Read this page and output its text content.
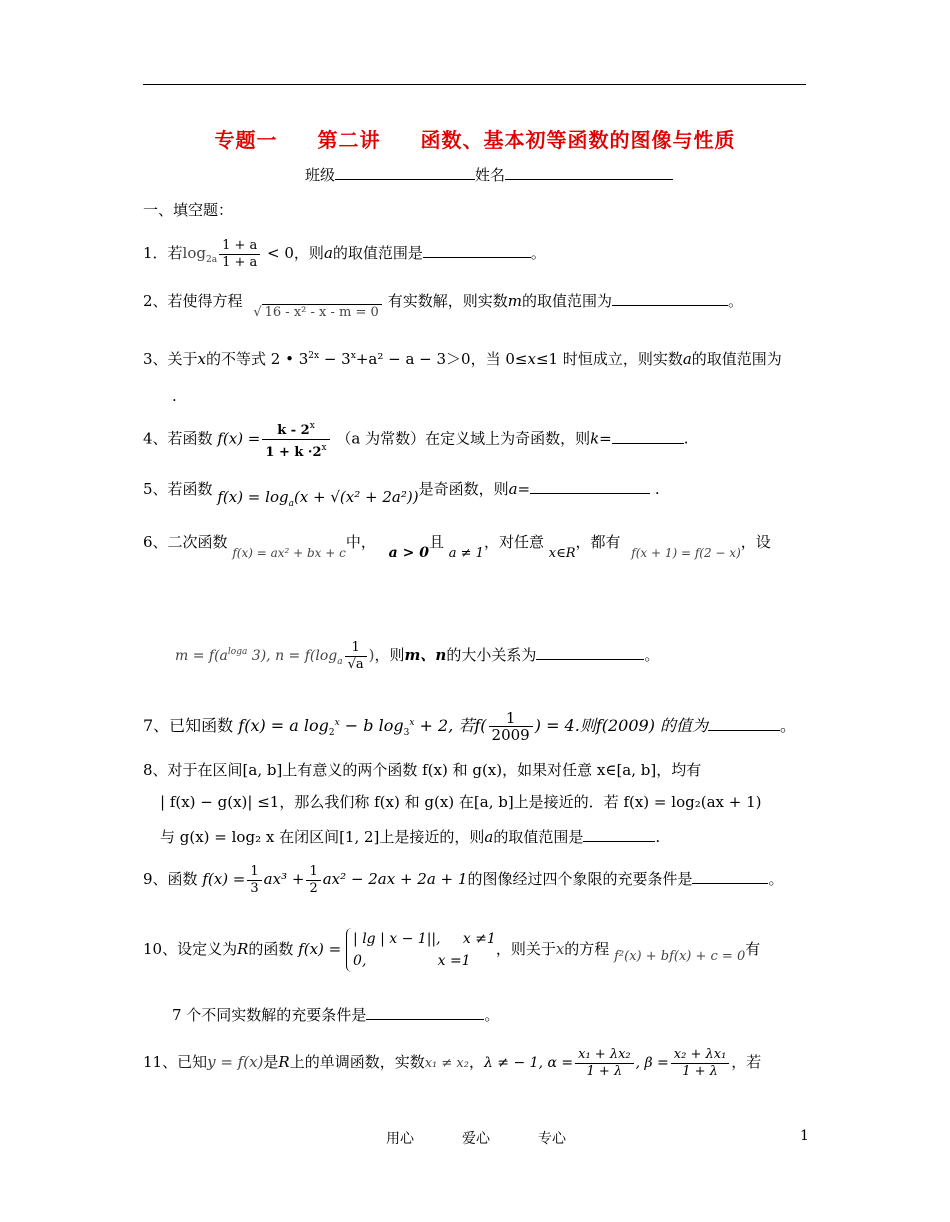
专题一 第二讲 函数、基本初等函数的图像与性质
班级	姓名
一、填空题：
1．若$\log_{2a} \frac{1 + a}{1 + a} < 0$，则a的取值范围是	。
2、若使得方程 √ 16 - x² - x - m = 0有实数解，则实数m的取值范围为	。
3、关于x的不等式 2 • $3^{2x} - 3^x+a^2 - a - 3>0$，当 0≤x≤1 时恒成立，则实数a的取值范围为
.
4、若函数 $f(x) = \frac{k - 2^x}{1 + k \cdot 2^x} (a$ 为常数）在定义域上为奇函数，则k=	.
5、若函数 $f(x) = \log_a(x + √(x^2 + 2a^2))$是奇函数，则a=	.
6、二次函数 $_{f(x) = ax^2 + bx + c}$中， a > 0且 a ≠ 1，对任意 x∈R，都有 $_{f(x + 1) = f(2 - x)}$，设
$m = f(a^{loga}$ 3), $n = f(\log_a \frac{1}{√a}$ )，则m、n的大小关系为	。
7、已知函数 f(x) = a $\log_2^x - b$ $\log_3^x + 2$, 若$f( \frac{1}{2009}$ ) = 4.则f(2009) 的值为	。
8、对于在区间[a, b]上有意义的两个函数 f(x) 和 g(x)，如果对任意 x∈[a, b]，均有
| f(x) − g(x)| ≤1，那么我们称 f(x) 和 g(x) 在[a, b]上是接近的．若 f(x) = log₂(ax + 1)
与 g(x) = log₂ x 在闭区间[1, 2]上是接近的，则a的取值范围是	.
9、函数 $f(x) = \frac{1}{3} ax^3 + \frac{1}{2} ax^2 - 2ax + 2a + 1$的图像经过四个象限的充要条件是	。
10、设定义为R的函数 f(x) =
| lg | x − 1||,     x ≠1
0,                x =1
，则关于x的方程 f²(x) + bf(x) + c = 0有
7 个不同实数解的充要条件是	。
11、已知y = f(x)是R上的单调函数，实数x₁ ≠ x₂，λ ≠ − 1, $\alpha = \frac{\text{x₁ + λx₂}}{1 + \lambda}$ , $\beta = \frac{\text{x₂ + λx₁}}{1 + \lambda}$ ，若
用心	爱心	专心	1
